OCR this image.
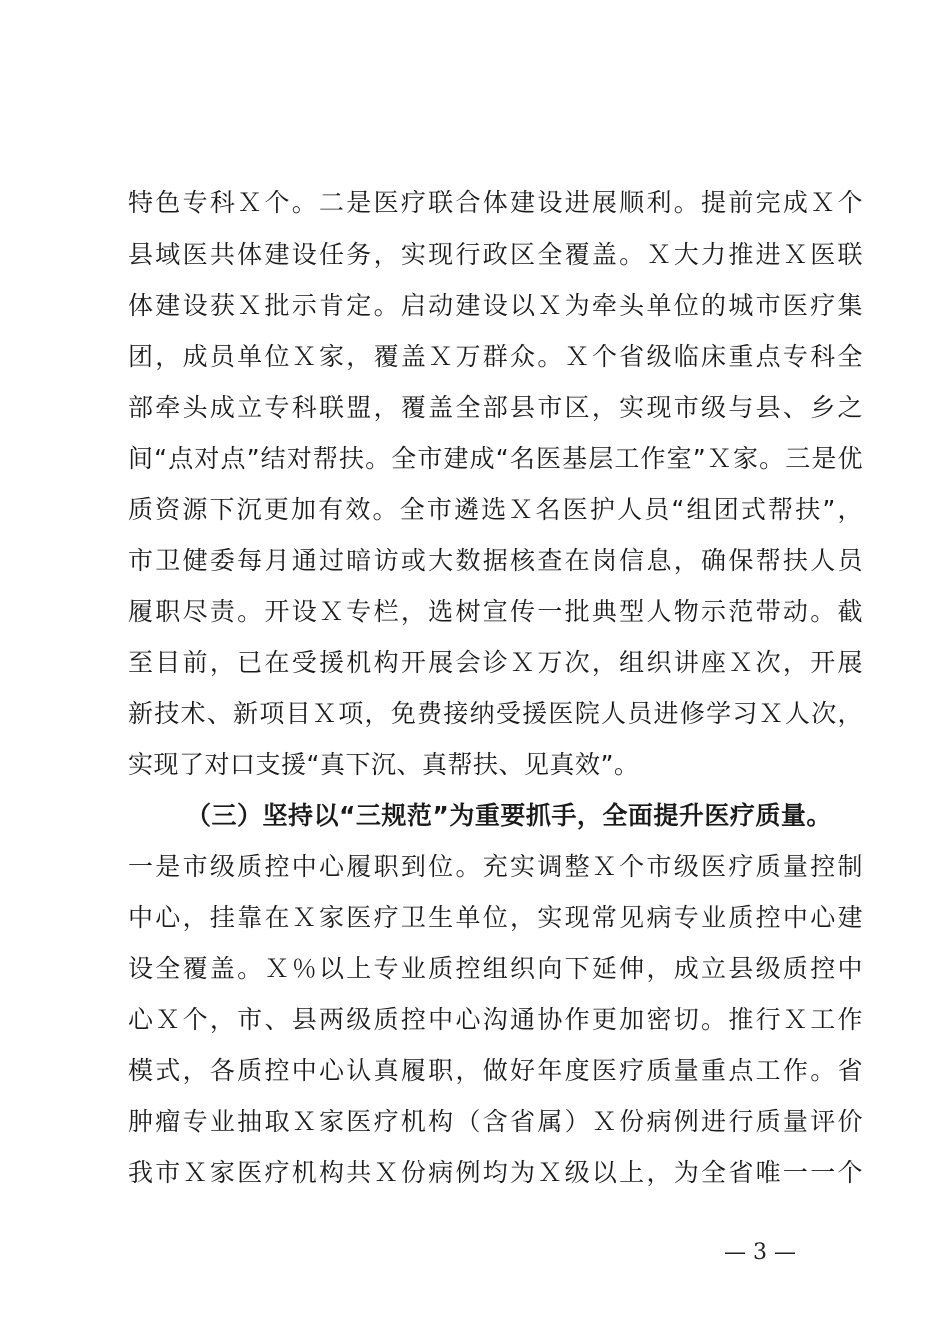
特色专科Ｘ个。二是医疗联合体建设进展顺利。提前完成Ｘ个
县域医共体建设任务，实现行政区全覆盖。Ｘ大力推进Ｘ医联
体建设获Ｘ批示肯定。启动建设以Ｘ为牵头单位的城市医疗集
团，成员单位Ｘ家，覆盖Ｘ万群众。Ｘ个省级临床重点专科全
部牵头成立专科联盟，覆盖全部县市区，实现市级与县、乡之
间“点对点”结对帮扶。全市建成“名医基层工作室”Ｘ家。三是优
质资源下沉更加有效。全市遴选Ｘ名医护人员“组团式帮扶”，
市卫健委每月通过暗访或大数据核查在岗信息，确保帮扶人员
履职尽责。开设Ｘ专栏，选树宣传一批典型人物示范带动。截
至目前，已在受援机构开展会诊Ｘ万次，组织讲座Ｘ次，开展
新技术、新项目Ｘ项，免费接纳受援医院人员进修学习Ｘ人次，
实现了对口支援“真下沉、真帮扶、见真效”。
（三）坚持以“三规范”为重要抓手，全面提升医疗质量。
一是市级质控中心履职到位。充实调整Ｘ个市级医疗质量控制
中心，挂靠在Ｘ家医疗卫生单位，实现常见病专业质控中心建
设全覆盖。Ｘ％以上专业质控组织向下延伸，成立县级质控中
心Ｘ个，市、县两级质控中心沟通协作更加密切。推行Ｘ工作
模式，各质控中心认真履职，做好年度医疗质量重点工作。省
肿瘤专业抽取Ｘ家医疗机构（含省属）Ｘ份病例进行质量评价
我市Ｘ家医疗机构共Ｘ份病例均为Ｘ级以上，为全省唯一一个
— 3 —
